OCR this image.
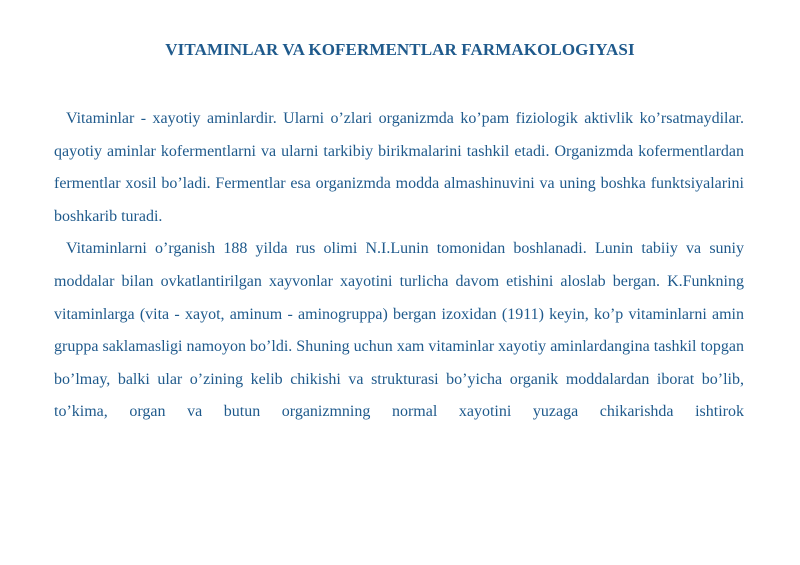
VITAMINLAR VA KOFERMENTLAR FARMAKOLOGIYASI

Vitaminlar - xayotiy aminlardir. Ularni o’zlari organizmda ko’pam fiziologik aktivlik ko’rsatmaydilar. qayotiy aminlar kofermentlarni va ularni tarkibiy birikmalarini tashkil etadi. Organizmda kofermentlardan fermentlar xosil bo’ladi. Fermentlar esa organizmda modda almashinuvini va uning boshka funktsiyalarini boshkarib turadi.

Vitaminlarni o’rganish 188 yilda rus olimi N.I.Lunin tomonidan boshlanadi. Lunin tabiiy va suniy moddalar bilan ovkatlantirilgan xayvonlar xayotini turlicha davom etishini aloslab bergan. K.Funkning vitaminlarga (vita - xayot, aminum - aminogruppa) bergan izoxidan (1911) keyin, ko’p vitaminlarni amin gruppa saklamasligi namoyon bo’ldi. Shuning uchun xam vitaminlar xayotiy aminlardangina tashkil topgan bo’lmay, balki ular o’zining kelib chikishi va strukturasi bo’yicha organik moddalardan iborat bo’lib, to’kima, organ va butun organizmning normal xayotini yuzaga chikarishda ishtirok
